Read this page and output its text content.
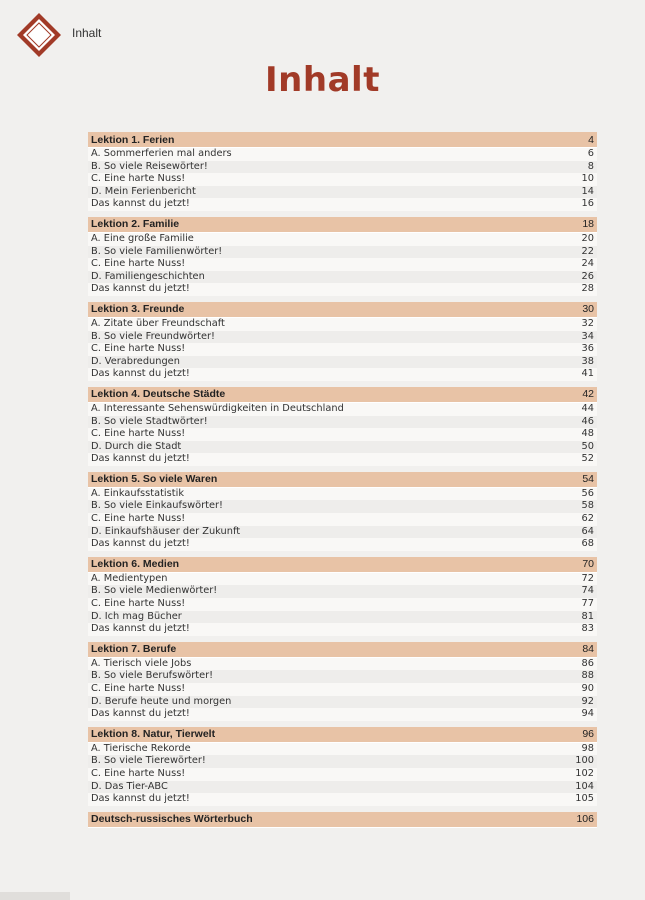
Inhalt
Inhalt
Lektion 1. Ferien	4
A. Sommerferien mal anders	6
B. So viele Reisewörter!	8
C. Eine harte Nuss!	10
D. Mein Ferienbericht	14
Das kannst du jetzt!	16
Lektion 2. Familie	18
A. Eine große Familie	20
B. So viele Familienwörter!	22
C. Eine harte Nuss!	24
D. Familiengeschichten	26
Das kannst du jetzt!	28
Lektion 3. Freunde	30
A. Zitate über Freundschaft	32
B. So viele Freundwörter!	34
C. Eine harte Nuss!	36
D. Verabredungen	38
Das kannst du jetzt!	41
Lektion 4. Deutsche Städte	42
A. Interessante Sehenswürdigkeiten in Deutschland	44
B. So viele Stadtwörter!	46
C. Eine harte Nuss!	48
D. Durch die Stadt	50
Das kannst du jetzt!	52
Lektion 5. So viele Waren	54
A. Einkaufsstatistik	56
B. So viele Einkaufswörter!	58
C. Eine harte Nuss!	62
D. Einkaufshäuser der Zukunft	64
Das kannst du jetzt!	68
Lektion 6. Medien	70
A. Medientypen	72
B. So viele Medienwörter!	74
C. Eine harte Nuss!	77
D. Ich mag Bücher	81
Das kannst du jetzt!	83
Lektion 7. Berufe	84
A. Tierisch viele Jobs	86
B. So viele Berufswörter!	88
C. Eine harte Nuss!	90
D. Berufe heute und morgen	92
Das kannst du jetzt!	94
Lektion 8. Natur, Tierwelt	96
A. Tierische Rekorde	98
B. So viele Tierewörter!	100
C. Eine harte Nuss!	102
D. Das Tier-ABC	104
Das kannst du jetzt!	105
Deutsch-russisches Wörterbuch	106
